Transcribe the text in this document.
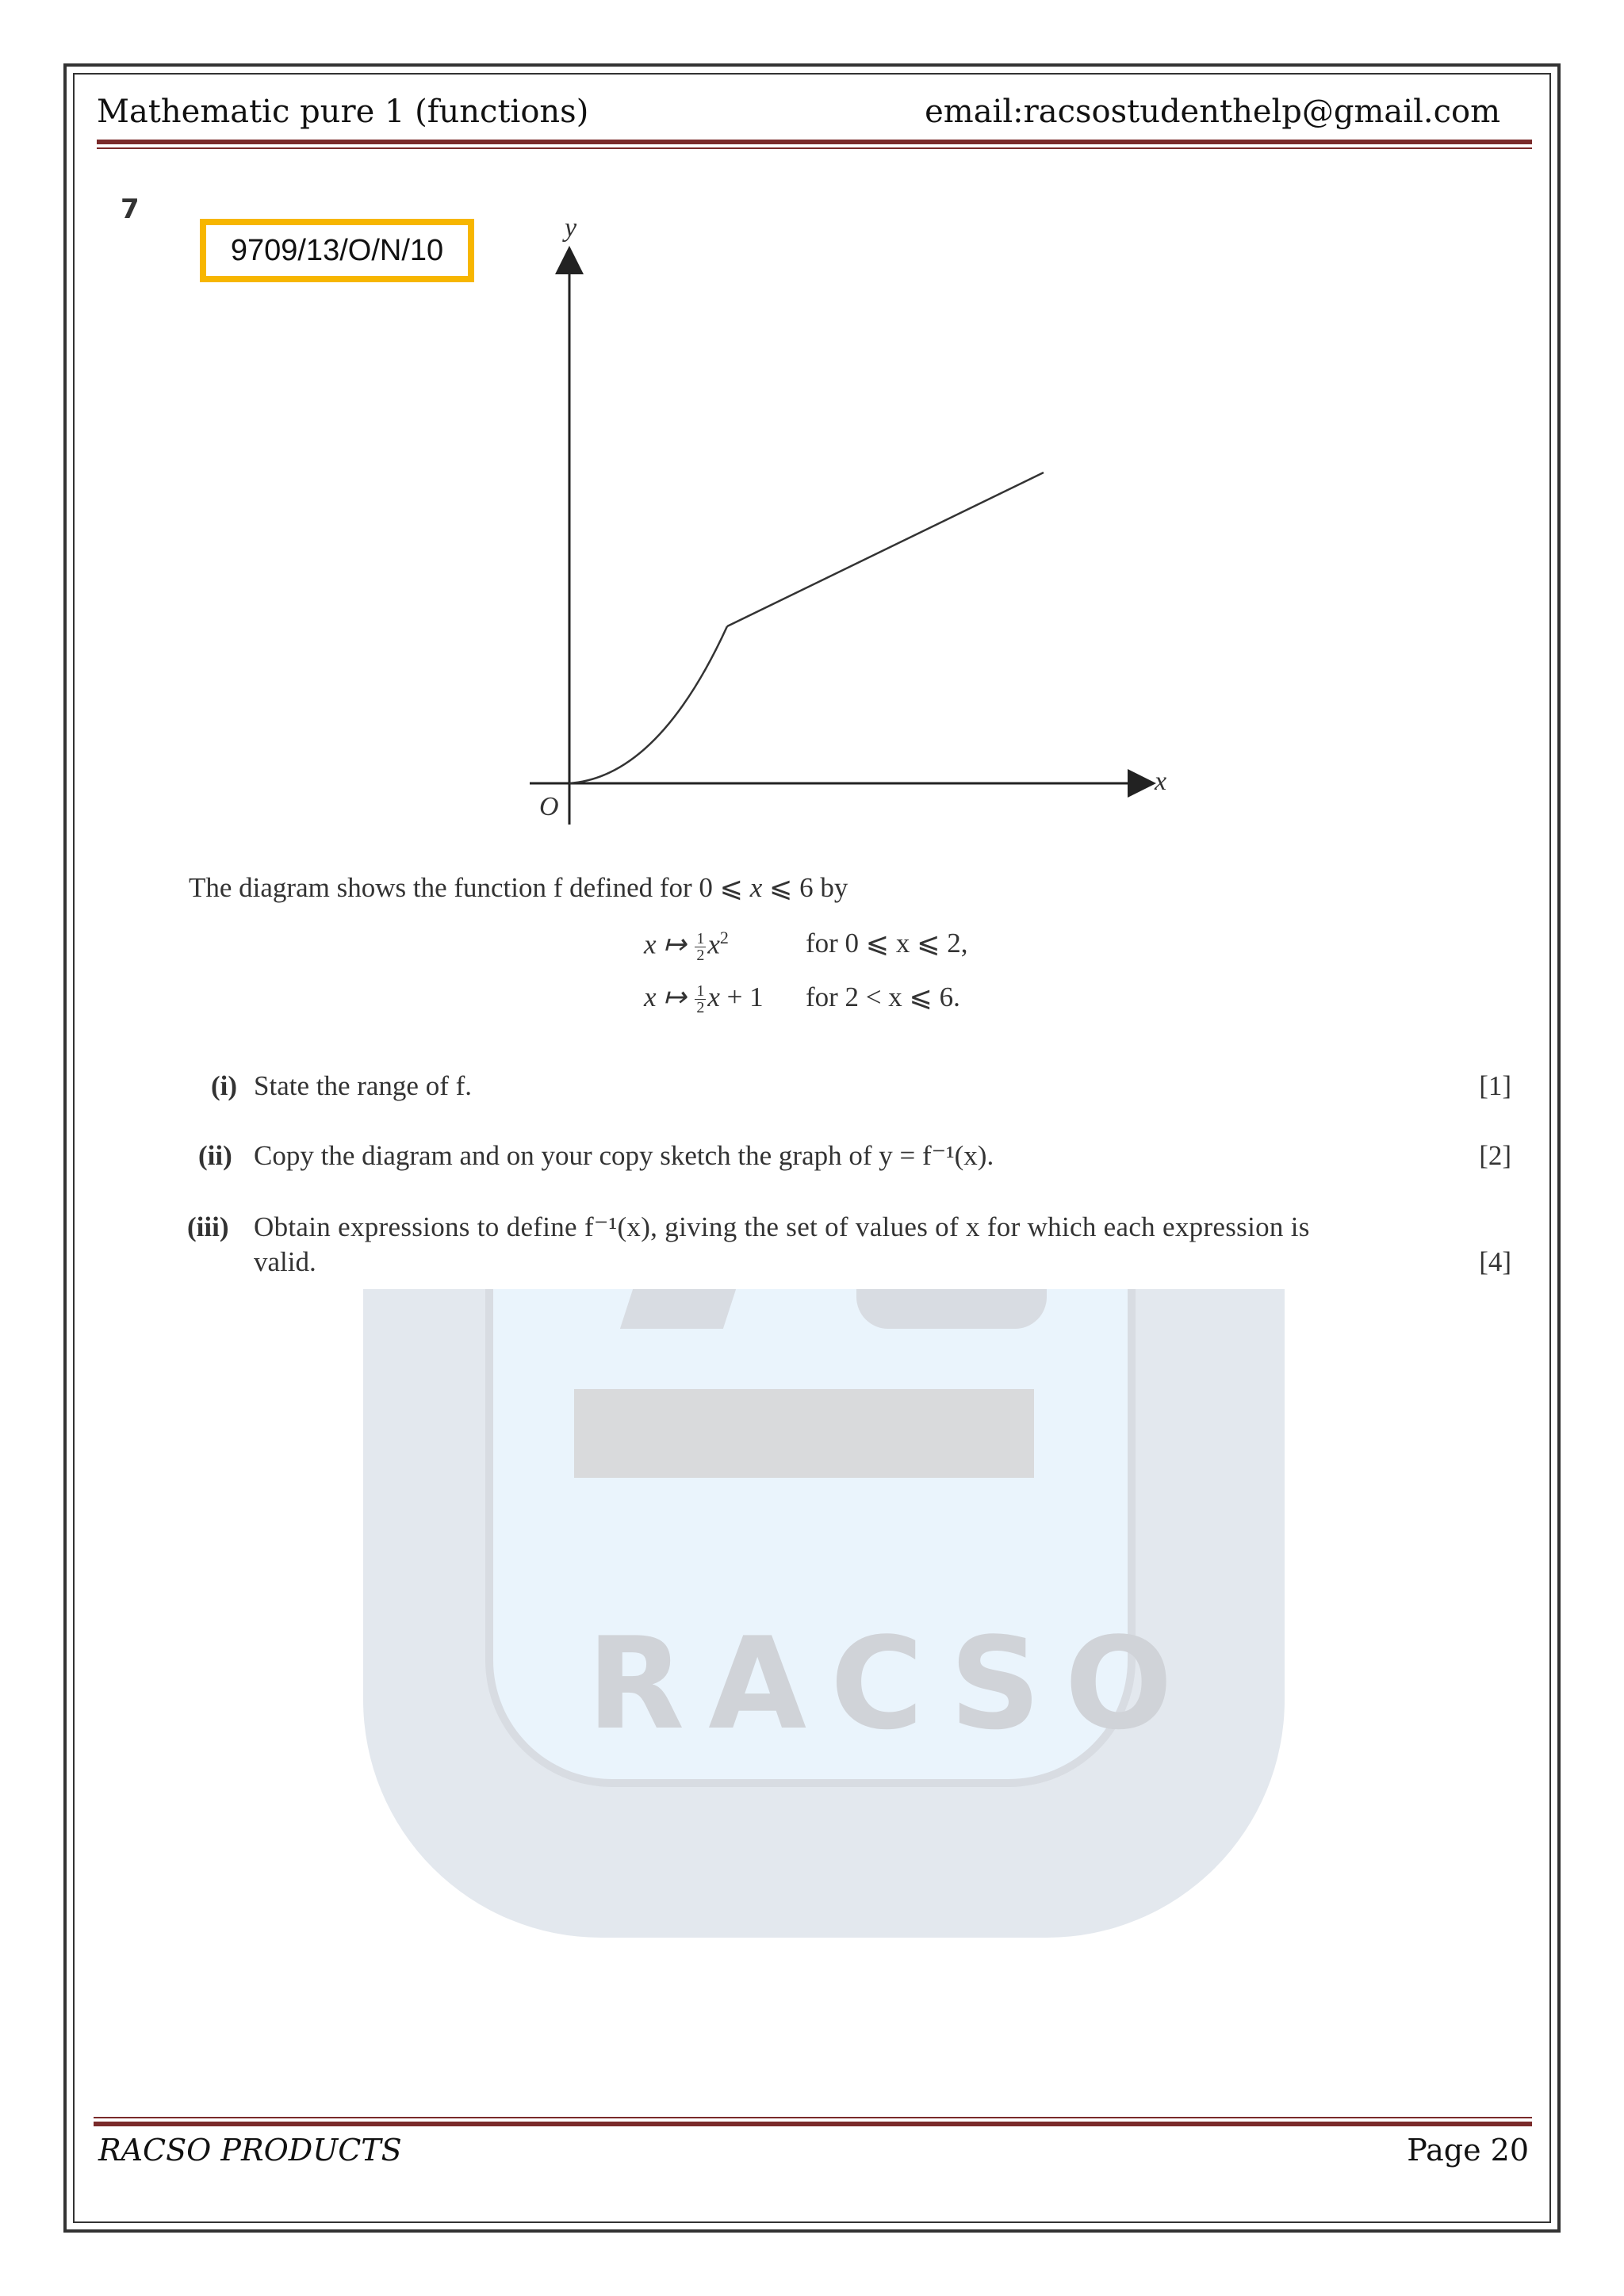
Mathematic pure 1 (functions)	email:racsostudenthelp@gmail.com
RACSO
7
9709/13/O/N/10
y
x
O
The diagram shows the function f defined for 0 ⩽ x ⩽ 6 by
x ↦ $\frac{1}{2} x^2$	for 0 ⩽ x ⩽ 2,
x ↦ $\frac{1}{2}$ x + 1 for 2 < x ⩽ 6.
(i) State the range of f.	[1]
(ii) Copy the diagram and on your copy sketch the graph of y = f⁻¹(x).	[2]
(iii) Obtain expressions to define f⁻¹(x), giving the set of values of x for which each expression is
valid.	[4]
RACSO PRODUCTS	Page 20
